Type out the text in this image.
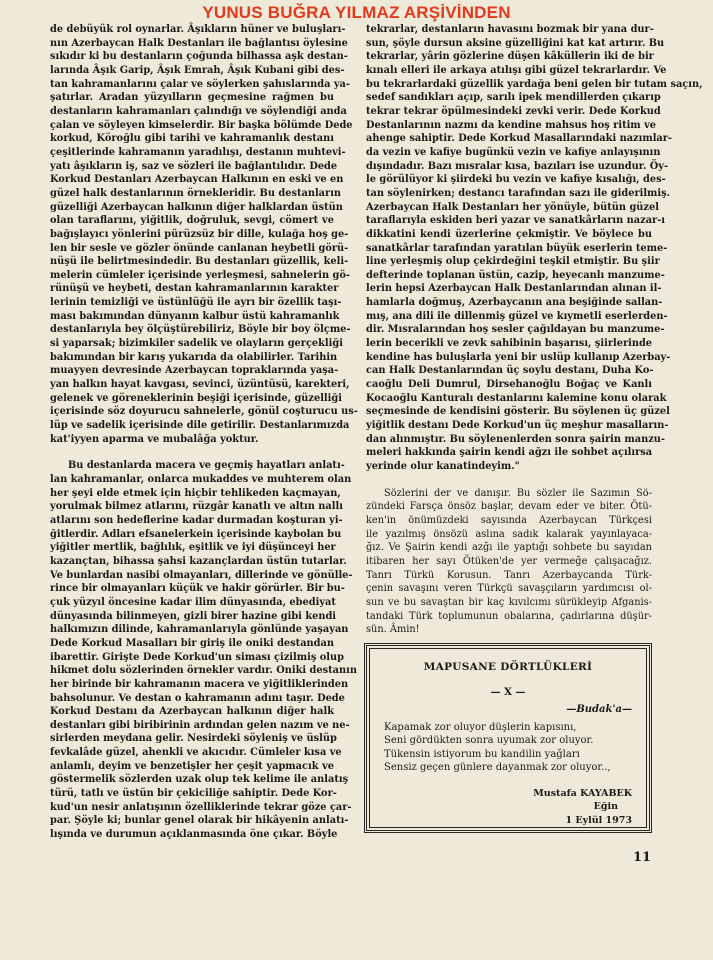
YUNUS BUĞRA YILMAZ ARŞİVİNDEN
de debüyük rol oynarlar. Âşıkların hüner ve buluşları-
nın Azerbaycan Halk Destanları ile bağlantısı öylesine
sıkıdır ki bu destanların çoğunda bilhassa aşk destan-
larında Âşık Garip, Âşık Emrah, Âşık Kubani gibi des-
tan kahramanlarını çalar ve söylerken şahıslarında ya-
şatırlar. Aradan yüzyılların geçmesine rağmen bu
destanların kahramanları çalındığı ve söylendiği anda
çalan ve söyleyen kimselerdir. Bir başka bölümde Dede
korkud, Köroğlu gibi tarihi ve kahramanlık destanı
çeşitlerinde kahramanın yaradılışı, destanın muhtevi-
yatı âşıkların iş, saz ve sözleri ile bağlantılıdır. Dede
Korkud Destanları Azerbaycan Halkının en eski ve en
güzel halk destanlarının örnekleridir. Bu destanların
güzelliği Azerbaycan halkının diğer halklardan üstün
olan taraflarını, yiğitlik, doğruluk, sevgi, cömert ve
bağışlayıcı yönlerini pürüzsüz bir dille, kulağa hoş ge-
len bir sesle ve gözler önünde canlanan heybetli görü-
nüşü ile belirtmesindedir. Bu destanları güzellik, keli-
melerin cümleler içerisinde yerleşmesi, sahnelerin gö-
rünüşü ve heybeti, destan kahramanlarının karakter
lerinin temizliği ve üstünlüğü ile ayrı bir özellik taşı-
ması bakımından dünyanın kalbur üstü kahramanlık
destanlarıyla bey ölçüştürebiliriz, Böyle bir boy ölçme-
si yaparsak; bizimkiler sadelik ve olayların gerçekliği
bakımından bir karış yukarıda da olabilirler. Tarihin
muayyen devresinde Azerbaycan topraklarında yaşa-
yan halkın hayat kavgası, sevinci, üzüntüsü, karekteri,
gelenek ve göreneklerinin beşiği içerisinde, güzelliği
içerisinde söz doyurucu sahnelerle, gönül coşturucu us-
lüp ve sadelik içerisinde dile getirilir. Destanlarımızda
kat'iyyen aparma ve mubalâğa yoktur.
Bu destanlarda macera ve geçmiş hayatları anlatı-
lan kahramanlar, onlarca mukaddes ve muhterem olan
her şeyi elde etmek için hiçbir tehlikeden kaçmayan,
yorulmak bilmez atlarını, rüzgâr kanatlı ve altın nallı
atlarını son hedeflerine kadar durmadan koşturan yi-
ğitlerdir. Adları efsanelerkein içerisinde kaybolan bu
yiğitler mertlik, bağlılık, eşitlik ve iyi düşünceyi her
kazançtan, bihassa şahsi kazançlardan üstün tutarlar.
Ve bunlardan nasibi olmayanları, dillerinde ve gönülle-
rince bir olmayanları küçük ve hakir görürler. Bir bu-
çuk yüzyıl öncesine kadar ilim dünyasında, ebediyat
dünyasında bilinmeyen, gizli birer hazine gibi kendi
halkımızın dilinde, kahramanlarıyla gönlünde yaşayan
Dede Korkud Masalları bir giriş ile oniki destandan
ibarettir. Girişte Dede Korkud'un siması çizilmiş olup
hikmet dolu sözlerinden örnekler vardır. Oniki destanın
her birinde bir kahramanın macera ve yiğitliklerinden
bahsolunur. Ve destan o kahramanın adını taşır. Dede
Korkud Destanı da Azerbaycan halkının diğer halk
destanları gibi biribirinin ardından gelen nazım ve ne-
sirlerden meydana gelir. Nesirdeki söyleniş ve üslüp
fevkalâde güzel, ahenkli ve akıcıdır. Cümleler kısa ve
anlamlı, deyim ve benzetişler her çeşit yapmacık ve
göstermelik sözlerden uzak olup tek kelime ile anlatış
türü, tatlı ve üstün bir çekiciliğe sahiptir. Dede Kor-
kud'un nesir anlatışının özelliklerinde tekrar göze çar-
par. Şöyle ki; bunlar genel olarak bir hikâyenin anlatı-
lışında ve durumun açıklanmasında öne çıkar. Böyle
tekrarlar, destanların havasını bozmak bir yana dur-
sun, şöyle dursun aksine güzelliğini kat kat artırır. Bu
tekrarlar, yârin gözlerine düşen kâküllerin iki de bir
kınalı elleri ile arkaya atılışı gibi güzel tekrarlardır. Ve
bu tekrarlardaki güzellik yardağa beni gelen bir tutam saçın,
sedef sandıkları açıp, sarılı ipek mendillerden çıkarıp
tekrar tekrar öpülmesindeki zevki verir. Dede Korkud
Destanlarının nazmı da kendine mahsus hoş ritim ve
ahenge sahiptir. Dede Korkud Masallarındaki nazımlar-
da vezin ve kafiye bugünkü vezin ve kafiye anlayışının
dışındadır. Bazı mısralar kısa, bazıları ise uzundur. Öy-
le görülüyor ki şiirdeki bu vezin ve kafiye kısalığı, des-
tan söylenirken; destancı tarafından sazı ile giderilmiş.
Azerbaycan Halk Destanları her yönüyle, bütün güzel
taraflarıyla eskiden beri yazar ve sanatkârların nazar-ı
dikkatini kendi üzerlerine çekmiştir. Ve böylece bu
sanatkârlar tarafından yaratılan büyük eserlerin teme-
line yerleşmiş olup çekirdeğini teşkil etmiştir. Bu şiir
defterinde toplanan üstün, cazip, heyecanlı manzume-
lerin hepsi Azerbaycan Halk Destanlarından alınan il-
hamlarla doğmuş, Azerbaycanın ana beşiğinde sallan-
mış, ana dili ile dillenmiş güzel ve kıymetli eserlerden-
dir. Mısralarından hoş sesler çağıldayan bu manzume-
lerin becerikli ve zevk sahibinin başarısı, şiirlerinde
kendine has buluşlarla yeni bir uslüp kullanıp Azerbay-
can Halk Destanlarından üç soylu destanı, Duha Ko-
caoğlu Deli Dumrul, Dirsehanoğlu Boğaç ve Kanlı
Kocaoğlu Kanturalı destanlarını kalemine konu olarak
seçmesinde de kendisini gösterir. Bu söylenen üç güzel
yiğitlik destanı Dede Korkud'un üç meşhur masalların-
dan alınmıştır. Bu söylenenlerden sonra şairin manzu-
meleri hakkında şairin kendi ağzı ile sohbet açılırsa
yerinde olur kanatindeyim."
Sözlerini der ve danışır. Bu sözler ile Sazımın Sö-
zündeki Farsça önsöz başlar, devam eder ve biter. Ötü-
ken'in önümüzdeki sayısında Azerbaycan Türkçesi
ile yazılmış önsözü aslına sadık kalarak yayınlayaca-
ğız. Ve Şairin kendi azğı ile yaptığı sohbete bu sayıdan
itibaren her sayı Ötüken'de yer vermeğe çalışacağız.
Tanrı Türkü Korusun. Tanrı Azerbaycanda Türk-
çenin savaşını veren Türkçü savaşçıların yardımcısı ol-
sun ve bu savaştan bir kaç kıvılcımı sürükleyip Afganis-
tandaki Türk toplumunun obalarına, çadırlarına düşür-
sün. Âmin!
MAPUSANE DÖRTLÜKLERİ
— X —
—Budak'a—
Kapamak zor oluyor düşlerin kapısını,
Seni gördükten sonra uyumak zor oluyor.
Tükensin istiyorum bu kandilin yağları
Sensiz geçen günlere dayanmak zor oluyor..,
Mustafa KAYABEK
Eğin
1 Eylül 1973
11
